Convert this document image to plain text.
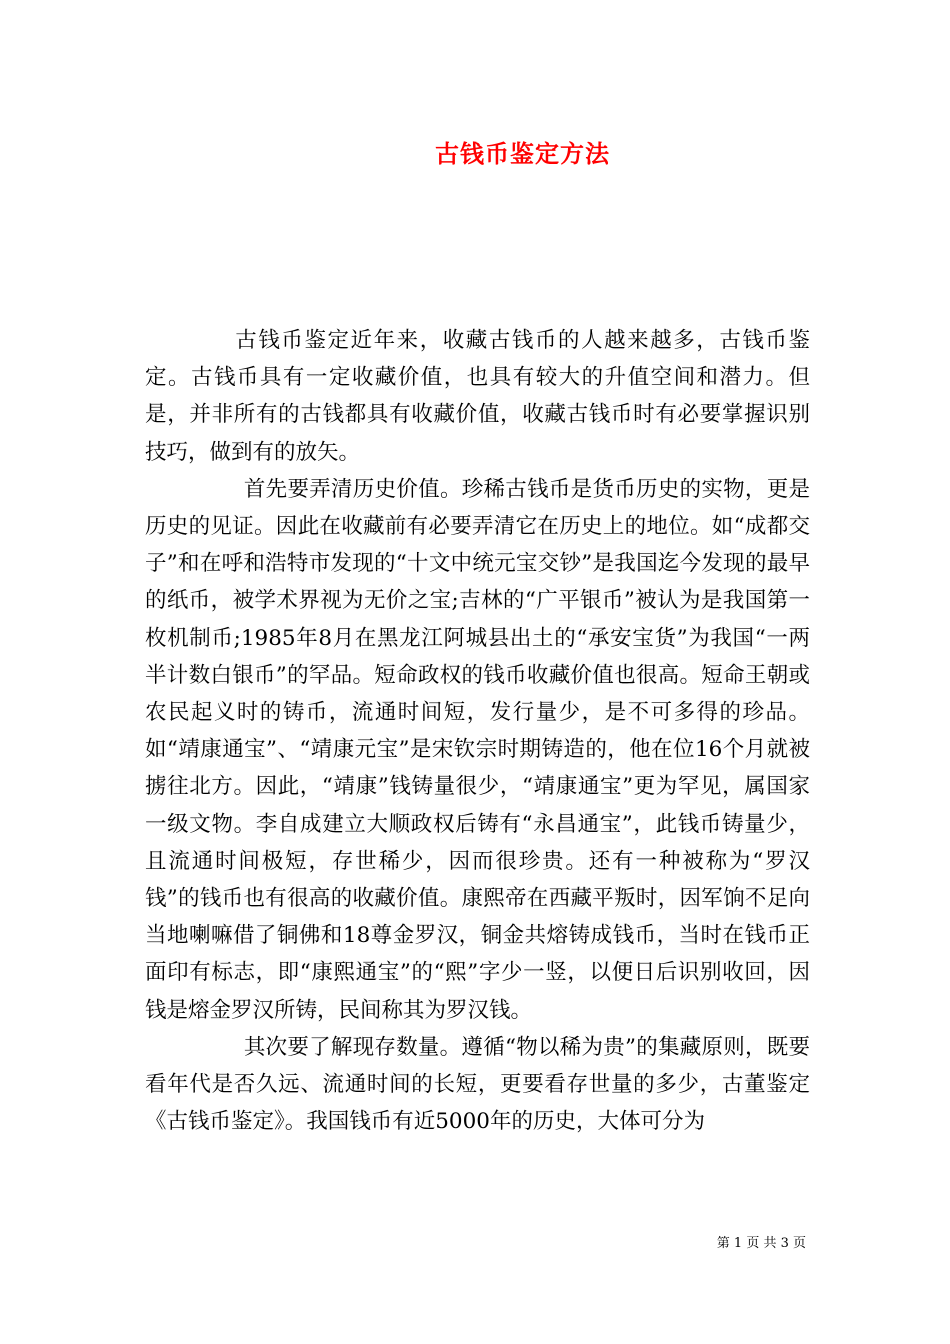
古钱币鉴定方法

古钱币鉴定近年来，收藏古钱币的人越来越多，古钱币鉴定。古钱币具有一定收藏价值，也具有较大的升值空间和潜力。但是，并非所有的古钱都具有收藏价值，收藏古钱币时有必要掌握识别技巧，做到有的放矢。

首先要弄清历史价值。珍稀古钱币是货币历史的实物，更是历史的见证。因此在收藏前有必要弄清它在历史上的地位。如“成都交子”和在呼和浩特市发现的“十文中统元宝交钞”是我国迄今发现的最早的纸币，被学术界视为无价之宝;吉林的“广平银币”被认为是我国第一枚机制币;1985年8月在黑龙江阿城县出土的“承安宝货”为我国“一两半计数白银币”的罕品。短命政权的钱币收藏价值也很高。短命王朝或农民起义时的铸币，流通时间短，发行量少，是不可多得的珍品。如“靖康通宝”、“靖康元宝”是宋钦宗时期铸造的，他在位16个月就被掳往北方。因此，“靖康”钱铸量很少，“靖康通宝”更为罕见，属国家一级文物。李自成建立大顺政权后铸有“永昌通宝”，此钱币铸量少，且流通时间极短，存世稀少，因而很珍贵。还有一种被称为“罗汉钱”的钱币也有很高的收藏价值。康熙帝在西藏平叛时，因军饷不足向当地喇嘛借了铜佛和18尊金罗汉，铜金共熔铸成钱币，当时在钱币正面印有标志，即“康熙通宝”的“熙”字少一竖，以便日后识别收回，因钱是熔金罗汉所铸，民间称其为罗汉钱。

其次要了解现存数量。遵循“物以稀为贵”的集藏原则，既要看年代是否久远、流通时间的长短，更要看存世量的多少，古董鉴定《古钱币鉴定》。我国钱币有近5000年的历史，大体可分为

第 1 页 共 3 页
